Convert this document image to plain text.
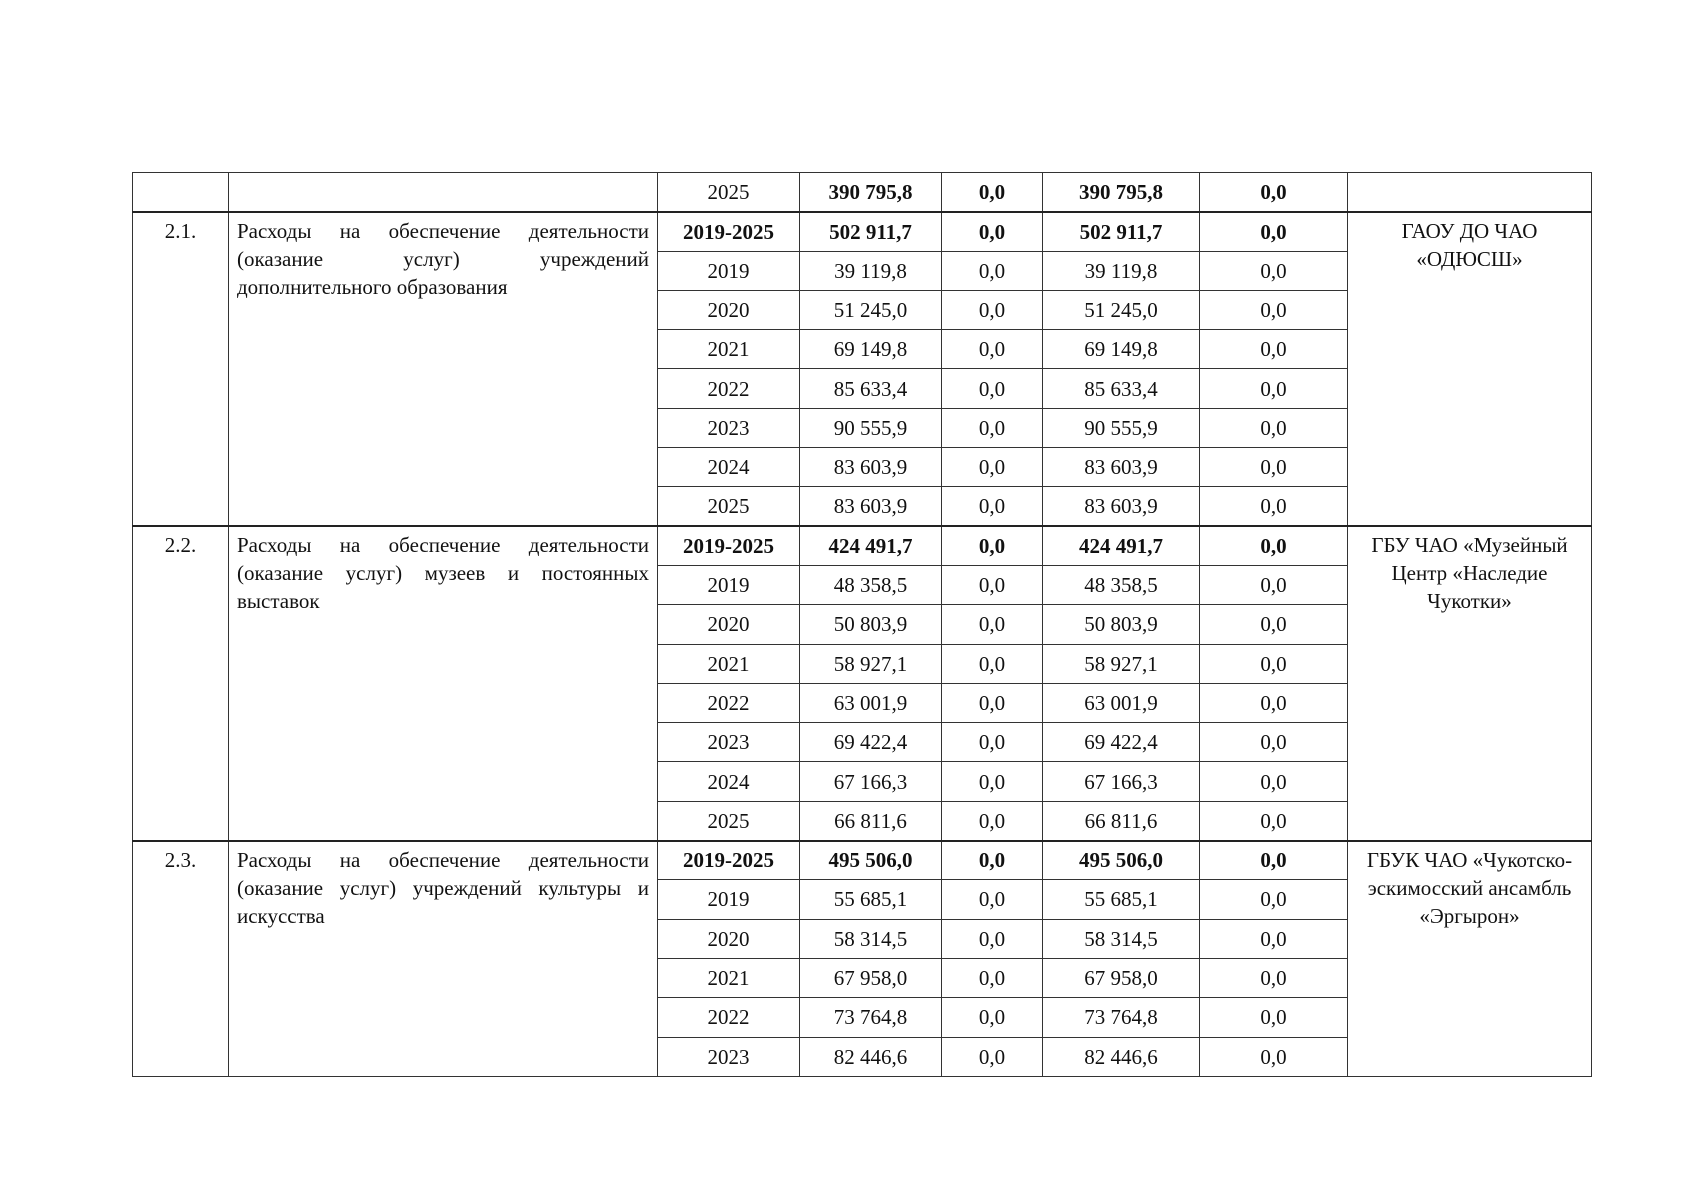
		2025	390 795,8	0,0	390 795,8	0,0	
2.1.	Расходы на обеспечение деятельности (оказание услуг) учреждений дополнительного образования	2019-2025	502 911,7	0,0	502 911,7	0,0	ГАОУ ДО ЧАО «ОДЮСШ»
		2019	39 119,8	0,0	39 119,8	0,0	
		2020	51 245,0	0,0	51 245,0	0,0	
		2021	69 149,8	0,0	69 149,8	0,0	
		2022	85 633,4	0,0	85 633,4	0,0	
		2023	90 555,9	0,0	90 555,9	0,0	
		2024	83 603,9	0,0	83 603,9	0,0	
		2025	83 603,9	0,0	83 603,9	0,0	
2.2.	Расходы на обеспечение деятельности (оказание услуг) музеев и постоянных выставок	2019-2025	424 491,7	0,0	424 491,7	0,0	ГБУ ЧАО «Музейный Центр «Наследие Чукотки»
		2019	48 358,5	0,0	48 358,5	0,0	
		2020	50 803,9	0,0	50 803,9	0,0	
		2021	58 927,1	0,0	58 927,1	0,0	
		2022	63 001,9	0,0	63 001,9	0,0	
		2023	69 422,4	0,0	69 422,4	0,0	
		2024	67 166,3	0,0	67 166,3	0,0	
		2025	66 811,6	0,0	66 811,6	0,0	
2.3.	Расходы на обеспечение деятельности (оказание услуг) учреждений культуры и искусства	2019-2025	495 506,0	0,0	495 506,0	0,0	ГБУК ЧАО «Чукотско-эскимосский ансамбль «Эргырон»
		2019	55 685,1	0,0	55 685,1	0,0	
		2020	58 314,5	0,0	58 314,5	0,0	
		2021	67 958,0	0,0	67 958,0	0,0	
		2022	73 764,8	0,0	73 764,8	0,0	
		2023	82 446,6	0,0	82 446,6	0,0	
